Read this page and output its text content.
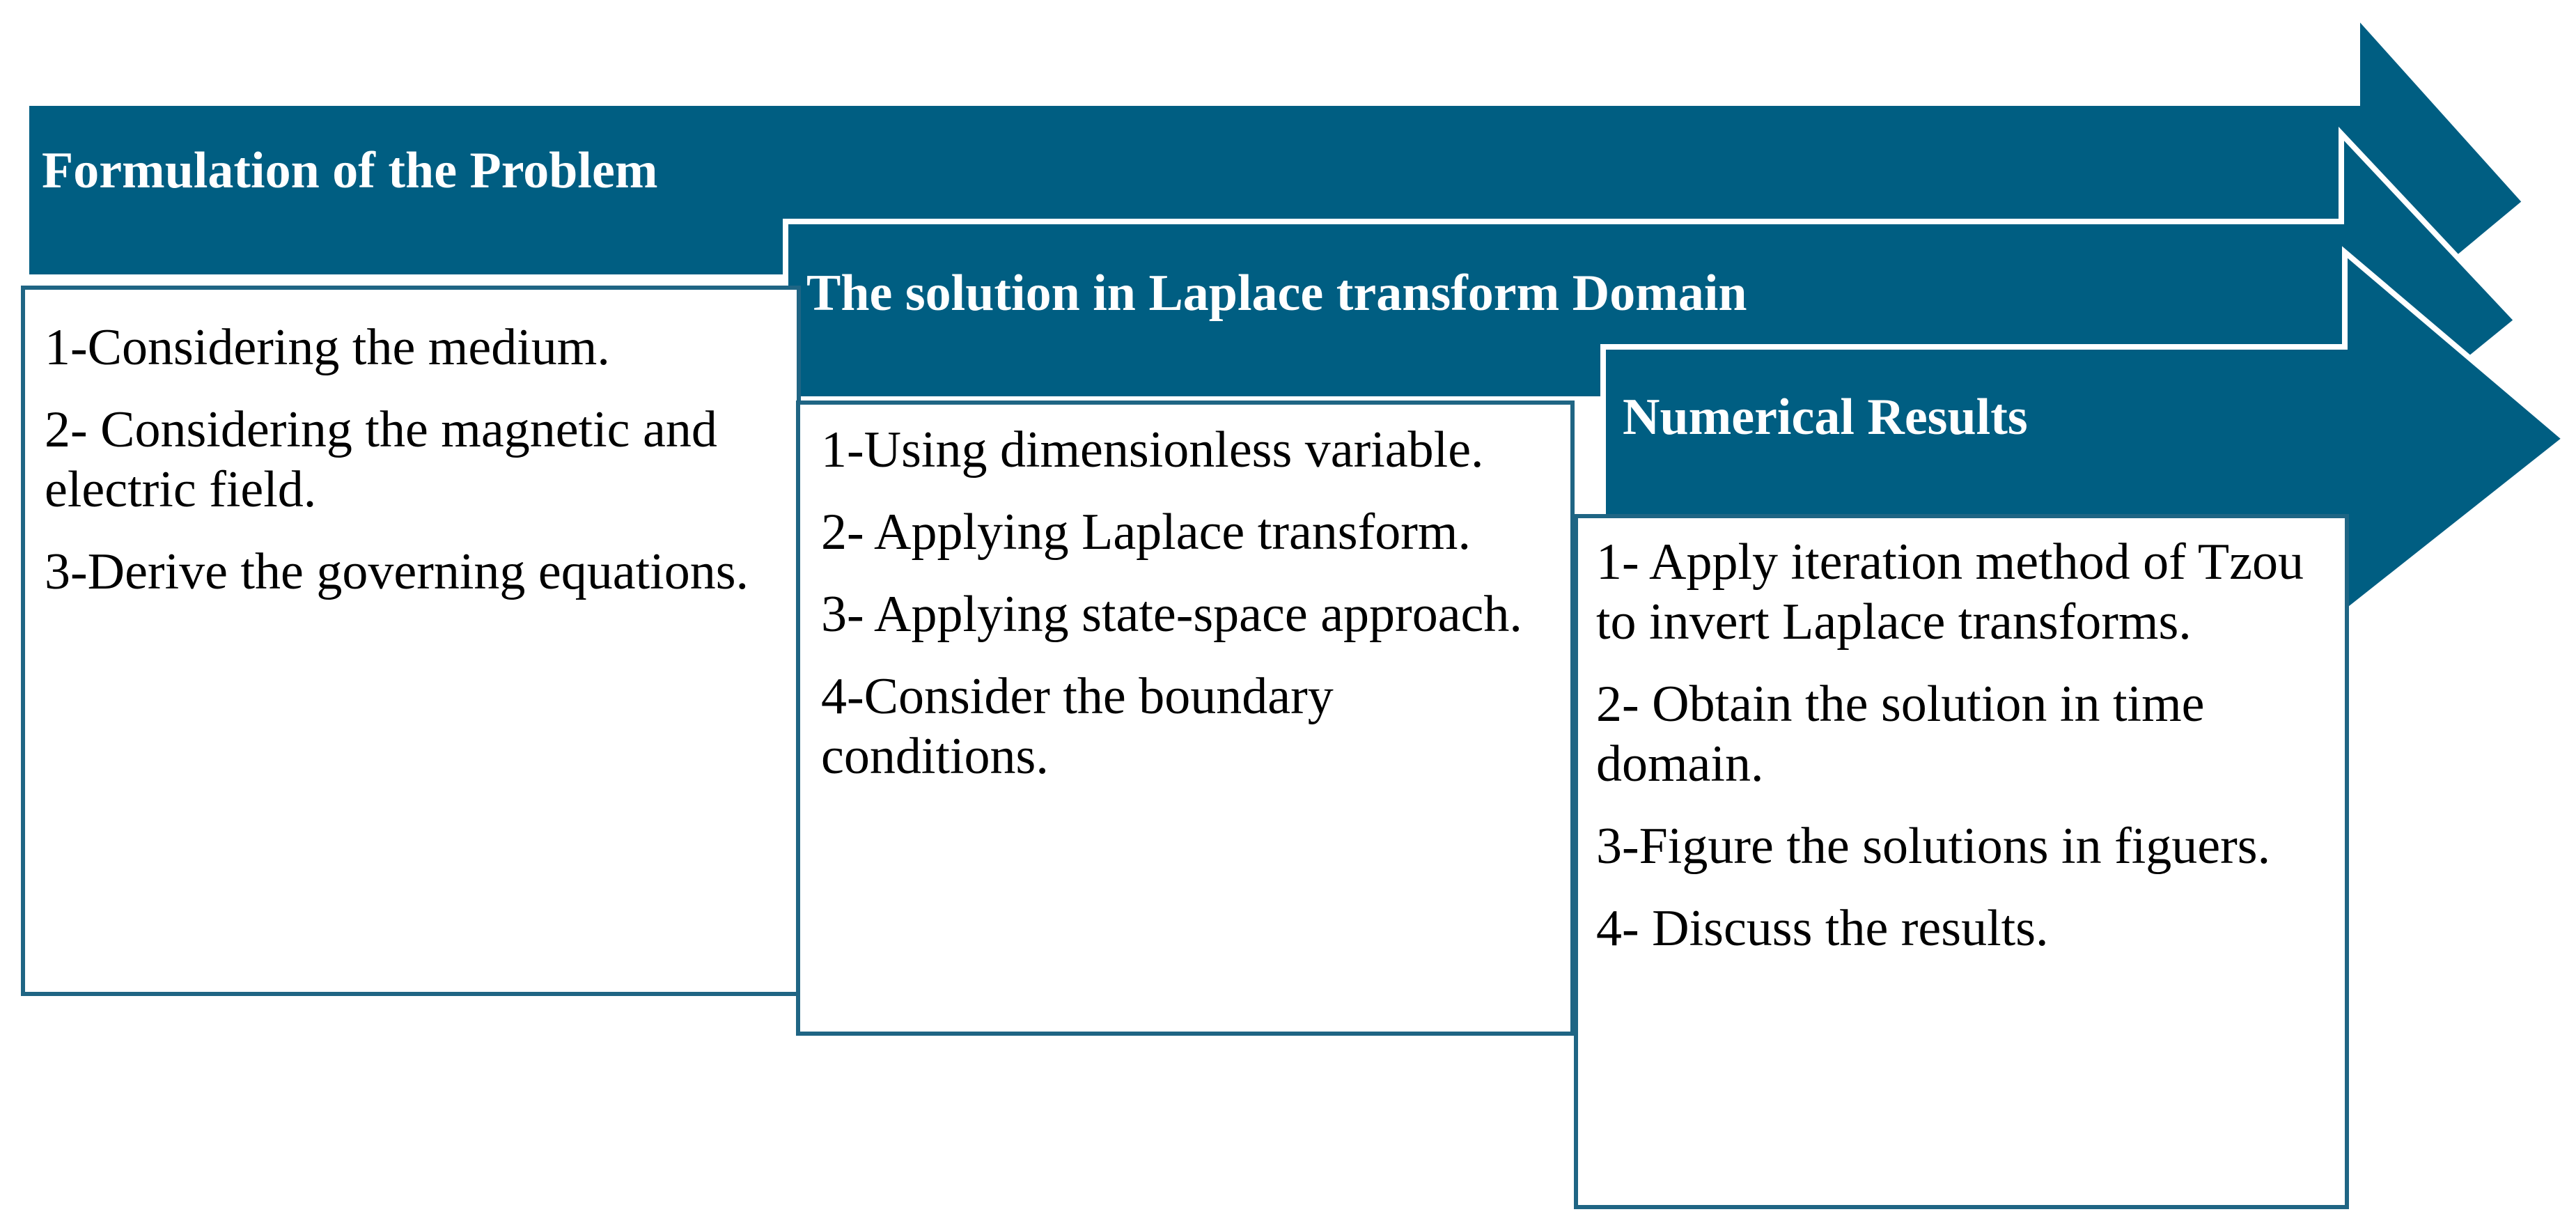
Formulation of the Problem
The solution in Laplace transform Domain
Numerical Results
1-Considering the medium.
2- Considering the magnetic and electric field.
3-Derive the governing equations.
1-Using dimensionless variable.
2- Applying Laplace transform.
3- Applying state-space approach.
4-Consider the boundary conditions.
1- Apply iteration method of Tzou to invert Laplace transforms.
2- Obtain the solution in time domain.
3-Figure the solutions in figuers.
4- Discuss the results.
